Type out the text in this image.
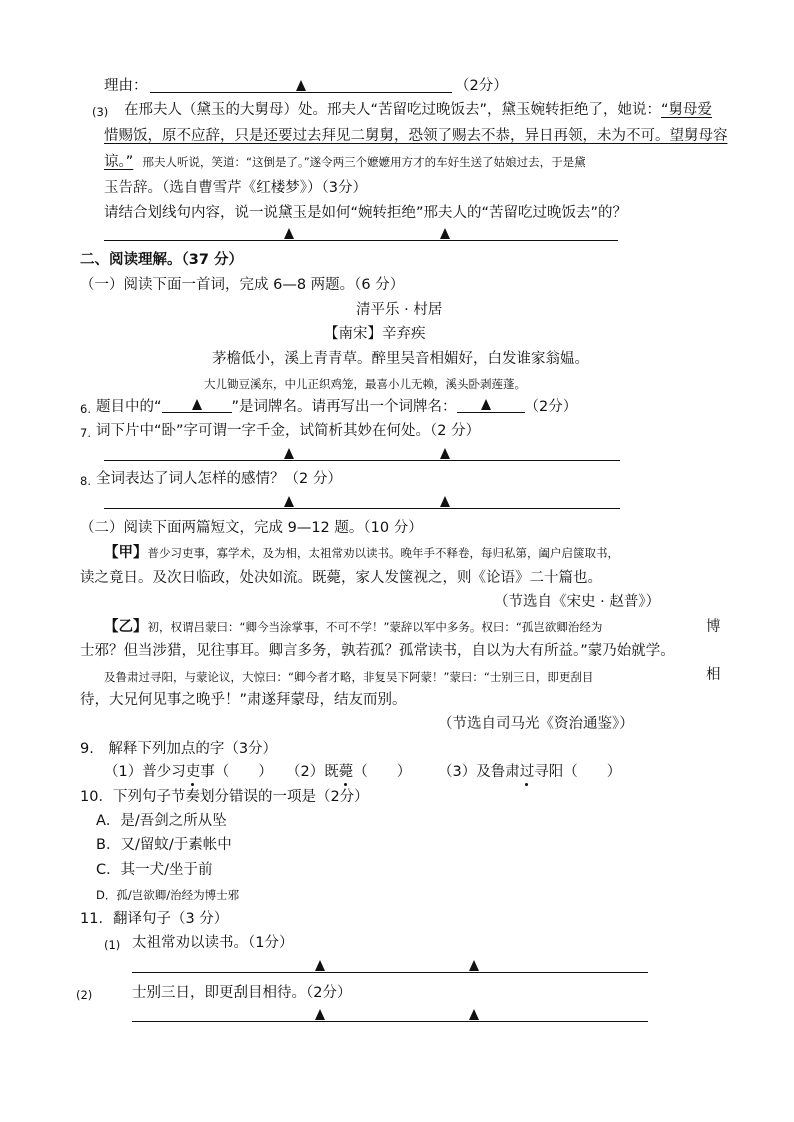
理由：	（2分）
(3) 在邢夫人（黛玉的大舅母）处。邢夫人“苦留吃过晚饭去”，黛玉婉转拒绝了，她说：“舅母爱
惜赐饭，原不应辞，只是还要过去拜见二舅舅，恐领了赐去不恭，异日再领，未为不可。望舅母容
谅。” 邢夫人听说，笑道：“这倒是了。”遂令两三个嬷嬷用方才的车好生送了姑娘过去，于是黛
玉告辞。（选自曹雪芹《红楼梦》）（3分）
请结合划线句内容，说一说黛玉是如何“婉转拒绝”邢夫人的“苦留吃过晚饭去”的？
二、阅读理解。（37 分）
（一）阅读下面一首词，完成 6—8 两题。（6 分）
清平乐 · 村居
【南宋】辛弃疾
茅檐低小，溪上青青草。醉里吴音相媚好，白发谁家翁媪。
大儿锄豆溪东，中儿正织鸡笼，最喜小儿无赖，溪头卧剥莲蓬。
6. 题目中的“	”是词牌名。请再写出一个词牌名：	（2分）
7. 词下片中“卧”字可谓一字千金，试简析其妙在何处。（2 分）
8. 全词表达了词人怎样的感情？（2 分）
（二）阅读下面两篇短文，完成 9—12 题。（10 分）
【甲】普少习吏事，寡学术，及为相，太祖常劝以读书。晚年手不释卷，每归私第，阖户启箧取书，
读之竟日。及次日临政，处决如流。既薨，家人发箧视之，则《论语》二十篇也。
（节选自《宋史 · 赵普》）
【乙】初，权谓吕蒙曰：“卿今当涂掌事，不可不学！”蒙辞以军中多务。权曰：“孤岂欲卿治经为	博
士邪？但当涉猎，见往事耳。卿言多务，孰若孤？孤常读书，自以为大有所益。”蒙乃始就学。
及鲁肃过寻阳，与蒙论议，大惊曰：“卿今者才略，非复吴下阿蒙！”蒙曰：“士别三日，即更刮目	相
待，大兄何见事之晚乎！”肃遂拜蒙母，结友而别。
（节选自司马光《资治通鉴》）
9.　解释下列加点的字（3分）
（1）普少习吏事（　　） （2）既薨（　　） （3）及鲁肃过寻阳（　　）
10．下列句子节奏划分错误的一项是（2分）
A．是/吾剑之所从坠
B．又/留蚊/于素帐中
C．其一犬/坐于前
D．孤/岂欲卿/治经为博士邪
11．翻译句子（3 分）
(1) 太祖常劝以读书。（1分）
(2)	士别三日，即更刮目相待。（2分）
